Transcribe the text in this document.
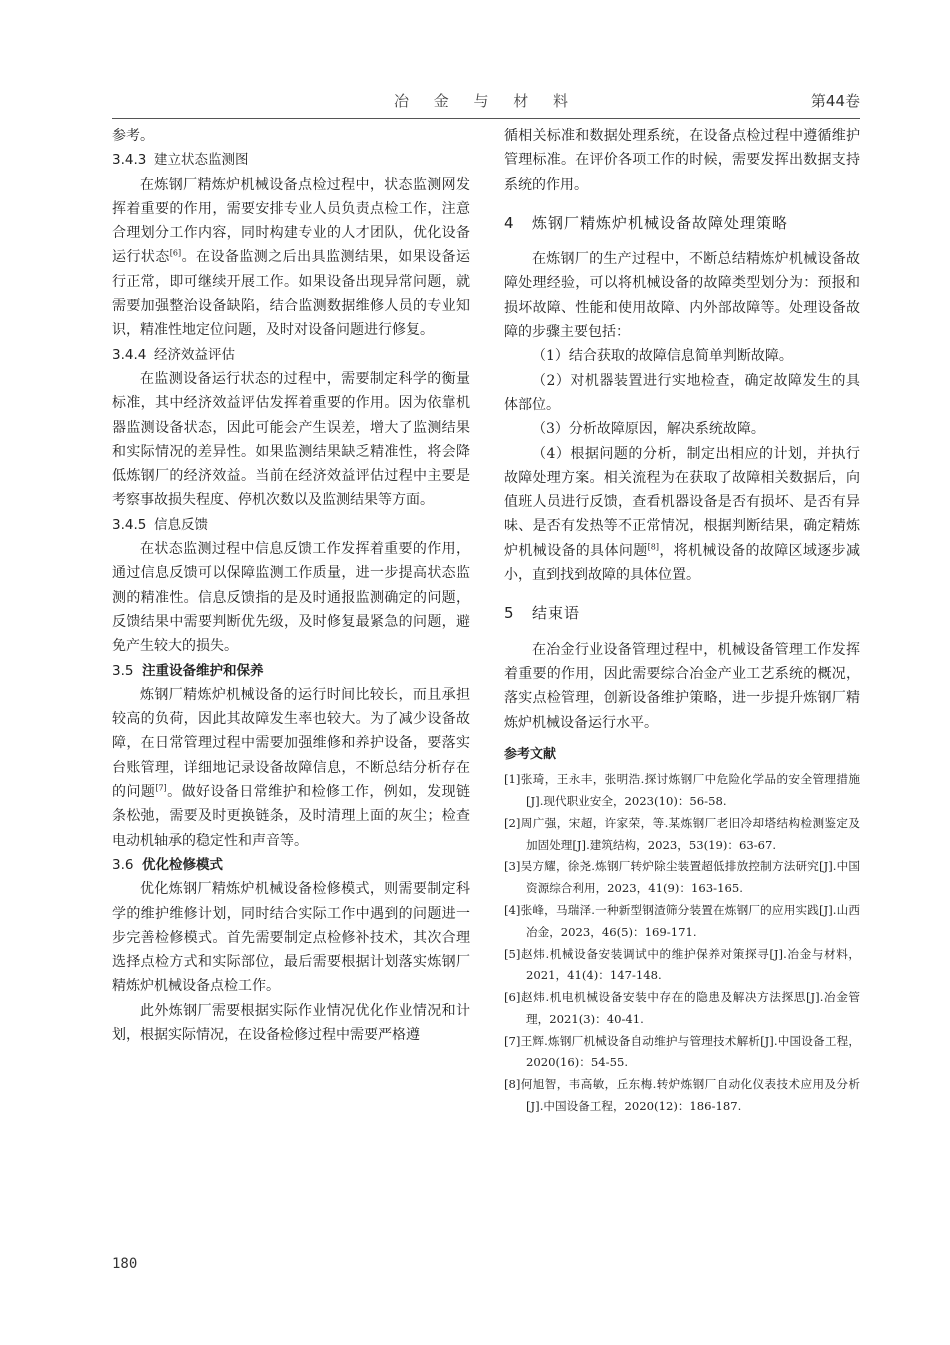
冶 金 与 材 料	第44卷

参考。

3.4.3 建立状态监测图

在炼钢厂精炼炉机械设备点检过程中，状态监测网发挥着重要的作用，需要安排专业人员负责点检工作，注意合理划分工作内容，同时构建专业的人才团队，优化设备运行状态[6]。在设备监测之后出具监测结果，如果设备运行正常，即可继续开展工作。如果设备出现异常问题，就需要加强整治设备缺陷，结合监测数据维修人员的专业知识，精准性地定位问题，及时对设备问题进行修复。

3.4.4 经济效益评估

在监测设备运行状态的过程中，需要制定科学的衡量标准，其中经济效益评估发挥着重要的作用。因为依靠机器监测设备状态，因此可能会产生误差，增大了监测结果和实际情况的差异性。如果监测结果缺乏精准性，将会降低炼钢厂的经济效益。当前在经济效益评估过程中主要是考察事故损失程度、停机次数以及监测结果等方面。

3.4.5 信息反馈

在状态监测过程中信息反馈工作发挥着重要的作用，通过信息反馈可以保障监测工作质量，进一步提高状态监测的精准性。信息反馈指的是及时通报监测确定的问题，反馈结果中需要判断优先级，及时修复最紧急的问题，避免产生较大的损失。

3.5 注重设备维护和保养

炼钢厂精炼炉机械设备的运行时间比较长，而且承担较高的负荷，因此其故障发生率也较大。为了减少设备故障，在日常管理过程中需要加强维修和养护设备，要落实台账管理，详细地记录设备故障信息，不断总结分析存在的问题[7]。做好设备日常维护和检修工作，例如，发现链条松弛，需要及时更换链条，及时清理上面的灰尘；检查电动机轴承的稳定性和声音等。

3.6 优化检修模式

优化炼钢厂精炼炉机械设备检修模式，则需要制定科学的维护维修计划，同时结合实际工作中遇到的问题进一步完善检修模式。首先需要制定点检修补技术，其次合理选择点检方式和实际部位，最后需要根据计划落实炼钢厂精炼炉机械设备点检工作。

此外炼钢厂需要根据实际作业情况优化作业情况和计划，根据实际情况，在设备检修过程中需要严格遵

循相关标准和数据处理系统，在设备点检过程中遵循维护管理标准。在评价各项工作的时候，需要发挥出数据支持系统的作用。

4 炼钢厂精炼炉机械设备故障处理策略

在炼钢厂的生产过程中，不断总结精炼炉机械设备故障处理经验，可以将机械设备的故障类型划分为：预报和损坏故障、性能和使用故障、内外部故障等。处理设备故障的步骤主要包括：

（1）结合获取的故障信息简单判断故障。

（2）对机器装置进行实地检查，确定故障发生的具体部位。

（3）分析故障原因，解决系统故障。

（4）根据问题的分析，制定出相应的计划，并执行故障处理方案。相关流程为在获取了故障相关数据后，向值班人员进行反馈，查看机器设备是否有损坏、是否有异味、是否有发热等不正常情况，根据判断结果，确定精炼炉机械设备的具体问题[8]，将机械设备的故障区域逐步减小，直到找到故障的具体位置。

5 结束语

在冶金行业设备管理过程中，机械设备管理工作发挥着重要的作用，因此需要综合冶金产业工艺系统的概况，落实点检管理，创新设备维护策略，进一步提升炼钢厂精炼炉机械设备运行水平。

参考文献
[1]张琦，王永丰，张明浩.探讨炼钢厂中危险化学品的安全管理措施[J].现代职业安全，2023(10)：56-58.
[2]周广强，宋超，许家荣，等.某炼钢厂老旧冷却塔结构检测鉴定及加固处理[J].建筑结构，2023，53(19)：63-67.
[3]吴方耀，徐尧.炼钢厂转炉除尘装置超低排放控制方法研究[J].中国资源综合利用，2023，41(9)：163-165.
[4]张峰，马瑞泽.一种新型钢渣筛分装置在炼钢厂的应用实践[J].山西冶金，2023，46(5)：169-171.
[5]赵炜.机械设备安装调试中的维护保养对策探寻[J].冶金与材料，2021，41(4)：147-148.
[6]赵炜.机电机械设备安装中存在的隐患及解决方法探思[J].冶金管理，2021(3)：40-41.
[7]王辉.炼钢厂机械设备自动维护与管理技术解析[J].中国设备工程，2020(16)：54-55.
[8]何旭智，韦高敏，丘东梅.转炉炼钢厂自动化仪表技术应用及分析[J].中国设备工程，2020(12)：186-187.
180
